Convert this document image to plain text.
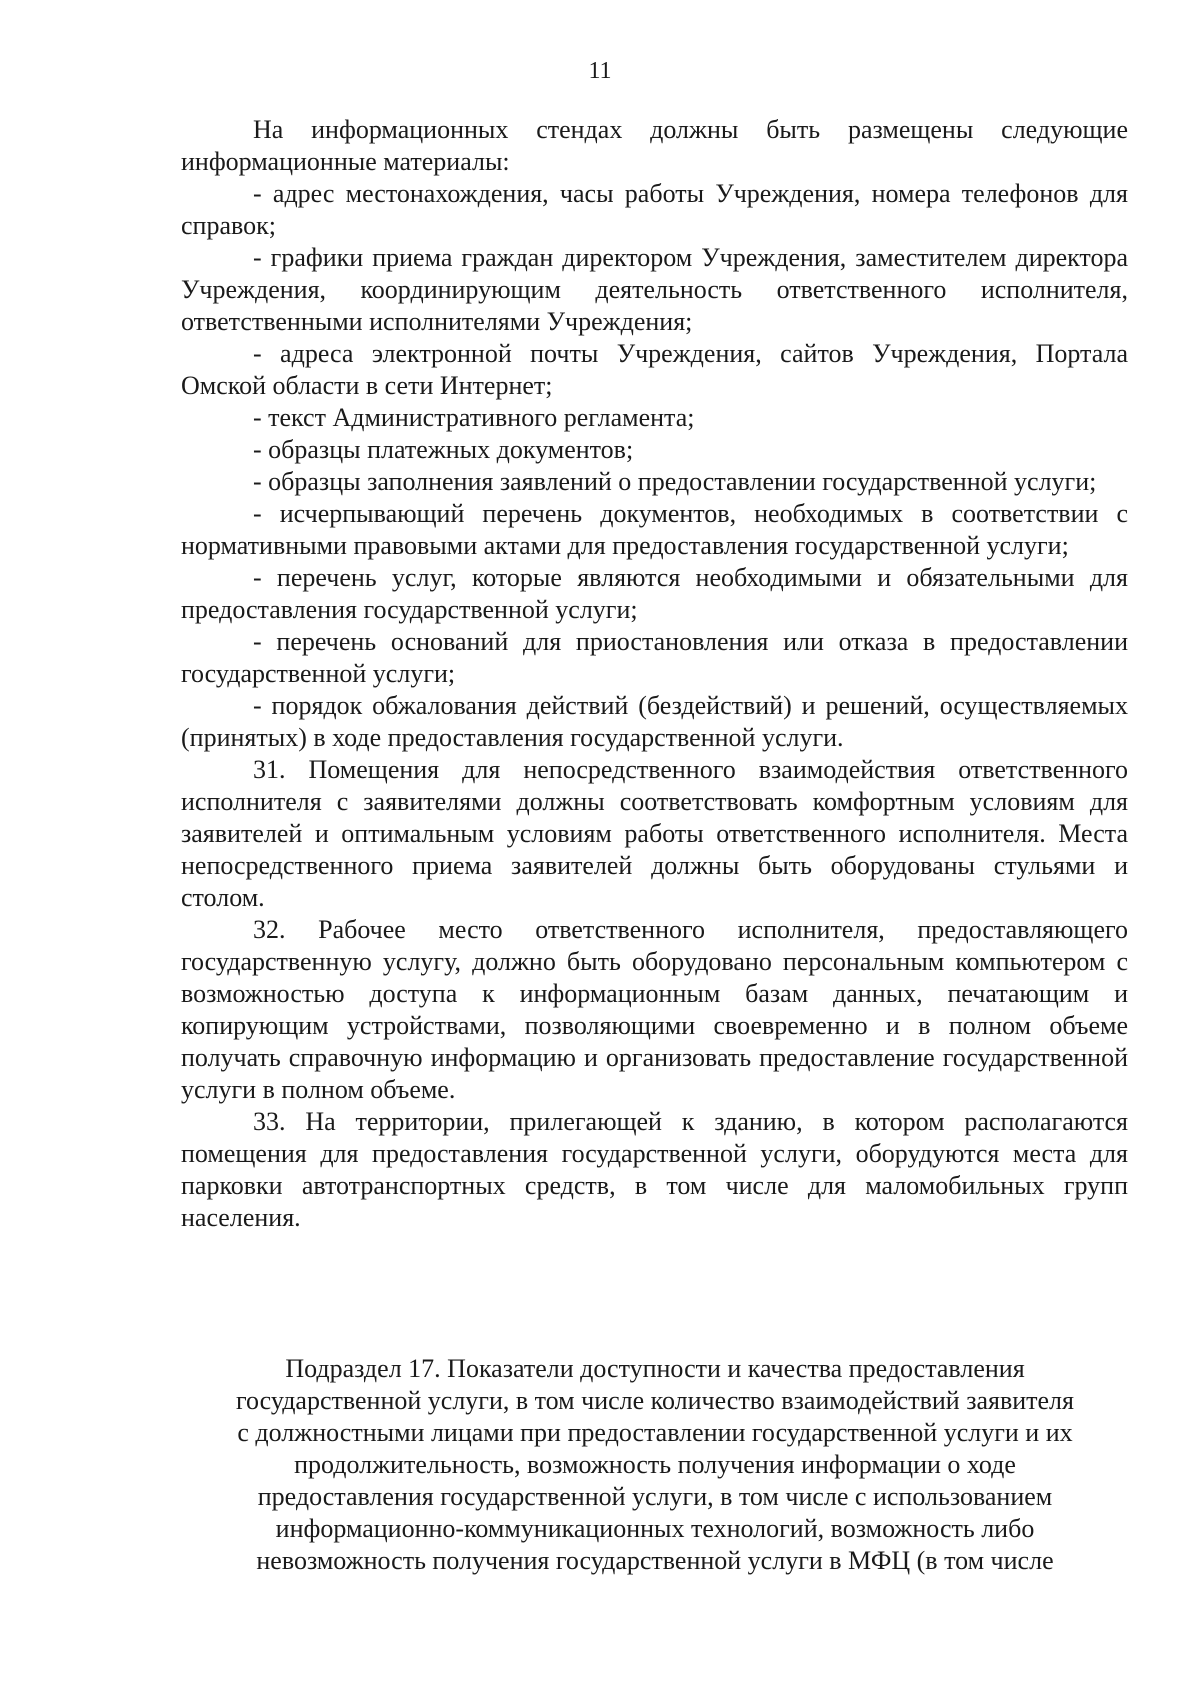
11

На информационных стендах должны быть размещены следующие информационные материалы:

- адрес местонахождения, часы работы Учреждения, номера телефонов для справок;

- графики приема граждан директором Учреждения, заместителем директора Учреждения, координирующим деятельность ответственного исполнителя, ответственными исполнителями Учреждения;

- адреса электронной почты Учреждения, сайтов Учреждения, Портала Омской области в сети Интернет;

- текст Административного регламента;

- образцы платежных документов;

- образцы заполнения заявлений о предоставлении государственной услуги;

- исчерпывающий перечень документов, необходимых в соответствии с нормативными правовыми актами для предоставления государственной услуги;

- перечень услуг, которые являются необходимыми и обязательными для предоставления государственной услуги;

- перечень оснований для приостановления или отказа в предоставлении государственной услуги;

- порядок обжалования действий (бездействий) и решений, осуществляемых (принятых) в ходе предоставления государственной услуги.

31. Помещения для непосредственного взаимодействия ответственного исполнителя с заявителями должны соответствовать комфортным условиям для заявителей и оптимальным условиям работы ответственного исполнителя. Места непосредственного приема заявителей должны быть оборудованы стульями и столом.

32. Рабочее место ответственного исполнителя, предоставляющего государственную услугу, должно быть оборудовано персональным компьютером с возможностью доступа к информационным базам данных, печатающим и копирующим устройствами, позволяющими своевременно и в полном объеме получать справочную информацию и организовать предоставление государственной услуги в полном объеме.

33. На территории, прилегающей к зданию, в котором располагаются помещения для предоставления государственной услуги, оборудуются места для парковки автотранспортных средств, в том числе для маломобильных групп населения.

Подраздел 17. Показатели доступности и качества предоставления
государственной услуги, в том числе количество взаимодействий заявителя
с должностными лицами при предоставлении государственной услуги и их
продолжительность, возможность получения информации о ходе
предоставления государственной услуги, в том числе с использованием
информационно-коммуникационных технологий, возможность либо
невозможность получения государственной услуги в МФЦ (в том числе
